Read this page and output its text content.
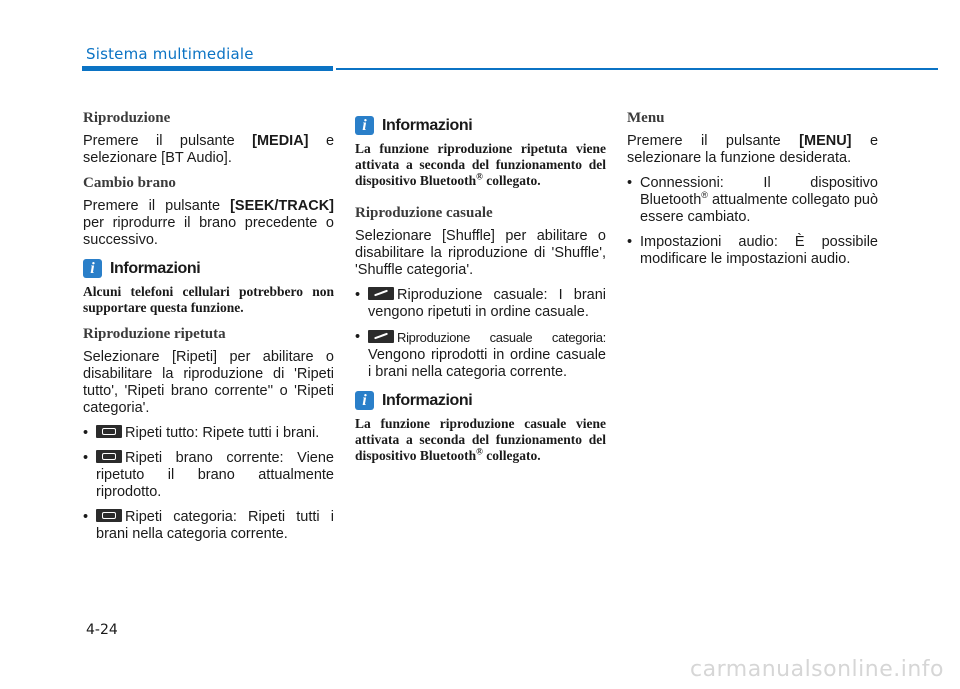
Sistema multimediale
Riproduzione

Premere il pulsante [MEDIA] e selezionare [BT Audio].

Cambio brano

Premere il pulsante [SEEK/TRACK] per riprodurre il brano precedente o successivo.

i Informazioni

Alcuni telefoni cellulari potrebbero non supportare questa funzione.

Riproduzione ripetuta

Selezionare [Ripeti] per abilitare o disabilitare la riproduzione di 'Ripeti tutto', 'Ripeti brano corrente'' o 'Ripeti categoria'.

• Ripeti tutto: Ripete tutti i brani.
• Ripeti brano corrente: Viene ripetuto il brano attualmente riprodotto.
• Ripeti categoria: Ripeti tutti i brani nella categoria corrente.
i Informazioni

La funzione riproduzione ripetuta viene attivata a seconda del funzionamento del dispositivo Bluetooth® collegato.

Riproduzione casuale

Selezionare [Shuffle] per abilitare o disabilitare la riproduzione di 'Shuffle', 'Shuffle categoria'.

• Riproduzione casuale: I brani vengono ripetuti in ordine casuale.
• Riproduzione casuale categoria: Vengono riprodotti in ordine casuale i brani nella categoria corrente.
i Informazioni

La funzione riproduzione casuale viene attivata a seconda del funzionamento del dispositivo Bluetooth® collegato.

Menu

Premere il pulsante [MENU] e selezionare la funzione desiderata.

• Connessioni: Il dispositivo Bluetooth® attualmente collegato può essere cambiato.
• Impostazioni audio: È possibile modificare le impostazioni audio.
4-24
carmanualsonline.info
